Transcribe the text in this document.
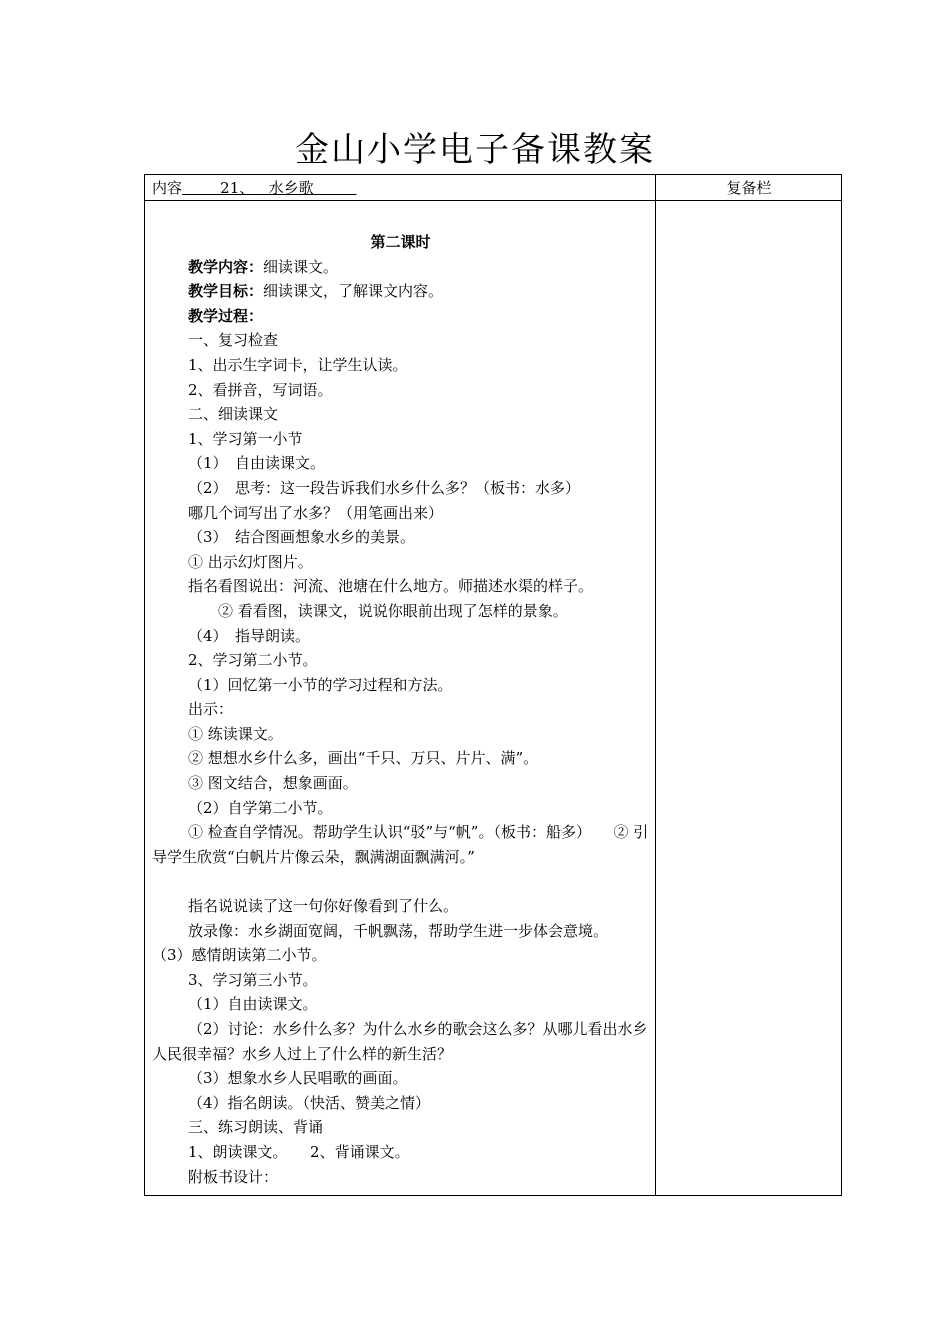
金山小学电子备课教案
内容	21、 水乡歌	复备栏

第二课时

教学内容：细读课文。

教学目标：细读课文，了解课文内容。

教学过程：

一、复习检查

1、出示生字词卡，让学生认读。

2、看拼音，写词语。

二、细读课文

1、学习第一小节

（1）　自由读课文。

（2）　思考：这一段告诉我们水乡什么多？（板书：水多）

哪几个词写出了水多？（用笔画出来）

（3）　结合图画想象水乡的美景。

① 出示幻灯图片。

指名看图说出：河流、池塘在什么地方。师描述水渠的样子。

② 看看图，读课文，说说你眼前出现了怎样的景象。

（4）　指导朗读。

2、学习第二小节。

（1）回忆第一小节的学习过程和方法。

出示：

① 练读课文。

② 想想水乡什么多，画出“千只、万只、片片、满”。

③ 图文结合，想象画面。

（2）自学第二小节。

① 检查自学情况。帮助学生认识“驳”与“帆”。（板书：船多）　　② 引导学生欣赏“白帆片片像云朵，飘满湖面飘满河。”

指名说说读了这一句你好像看到了什么。

放录像：水乡湖面宽阔，千帆飘荡，帮助学生进一步体会意境。　　（3）感情朗读第二小节。

3、学习第三小节。

（1）自由读课文。

（2）讨论：水乡什么多？为什么水乡的歌会这么多？从哪儿看出水乡人民很幸福？水乡人过上了什么样的新生活？

（3）想象水乡人民唱歌的画面。

（4）指名朗读。（快活、赞美之情）

三、练习朗读、背诵

1、朗读课文。　　2、背诵课文。

附板书设计：
